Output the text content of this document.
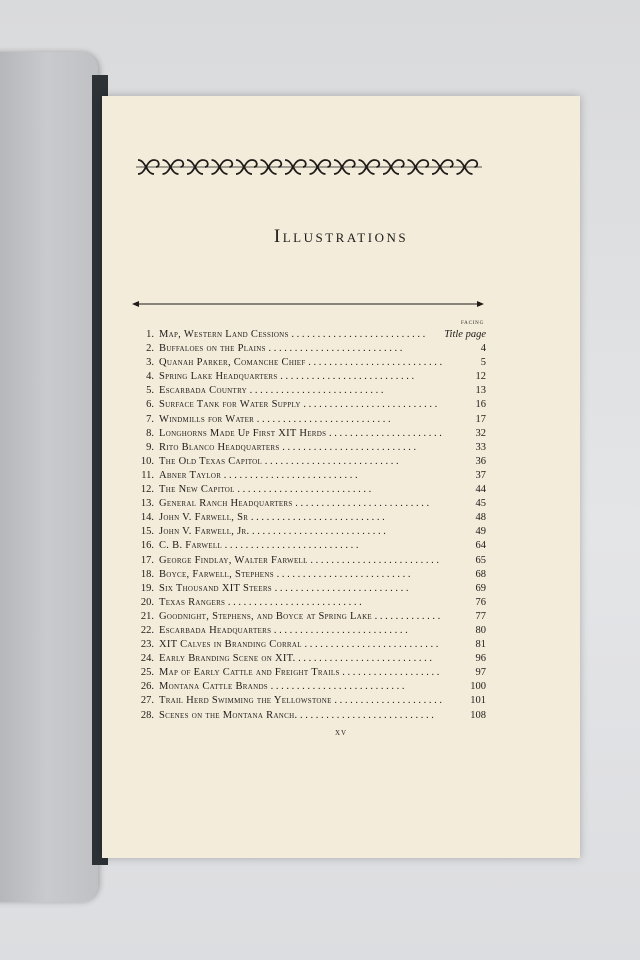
Illustrations
facing
1. Map, Western Land Cessions . .	Title page
2. Buffaloes on the Plains . .	4
3. Quanah Parker, Comanche Chief . .	5
4. Spring Lake Headquarters . .	12
5. Escarbada Country . .	13
6. Surface Tank for Water Supply . .	16
7. Windmills for Water . .	17
8. Longhorns Made Up First XIT Herds . .	32
9. Rito Blanco Headquarters . .	33
10. The Old Texas Capitol . .	36
11. Abner Taylor . .	37
12. The New Capitol . .	44
13. General Ranch Headquarters . .	45
14. John V. Farwell, Sr . .	48
15. John V. Farwell, Jr. . .	49
16. C. B. Farwell . .	64
17. George Findlay, Walter Farwell . .	65
18. Boyce, Farwell, Stephens . .	68
19. Six Thousand XIT Steers . .	69
20. Texas Rangers . .	76
21. Goodnight, Stephens, and Boyce at Spring Lake . .	77
22. Escarbada Headquarters . .	80
23. XIT Calves in Branding Corral . .	81
24. Early Branding Scene on XIT. . .	96
25. Map of Early Cattle and Freight Trails . .	97
26. Montana Cattle Brands . .	100
27. Trail Herd Swimming the Yellowstone . .	101
28. Scenes on the Montana Ranch. . .	108
xv
